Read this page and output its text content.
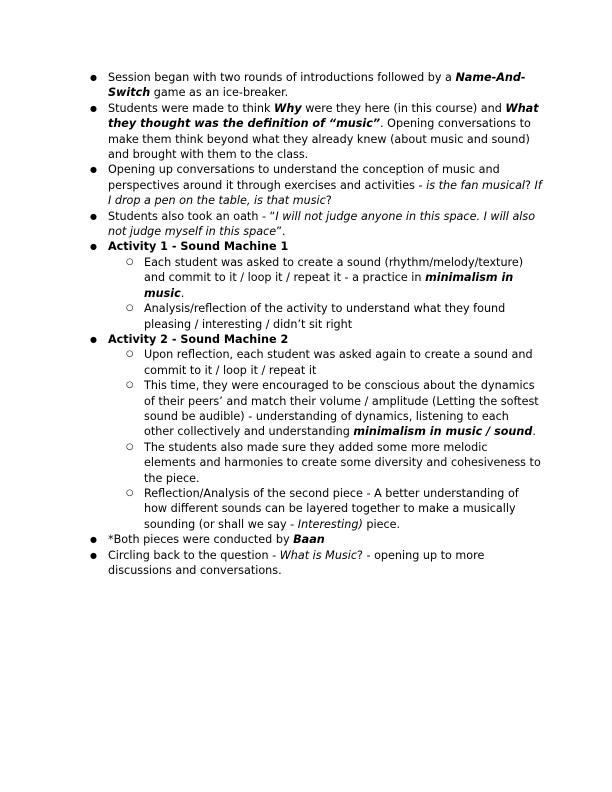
● Session began with two rounds of introductions followed by a Name-And-Switch game as an ice-breaker.
● Students were made to think Why were they here (in this course) and What they thought was the definition of “music”. Opening conversations to make them think beyond what they already knew (about music and sound) and brought with them to the class.
● Opening up conversations to understand the conception of music and perspectives around it through exercises and activities - is the fan musical? If I drop a pen on the table, is that music?
● Students also took an oath - “I will not judge anyone in this space. I will also not judge myself in this space”.
● Activity 1 - Sound Machine 1
○ Each student was asked to create a sound (rhythm/melody/texture) and commit to it / loop it / repeat it - a practice in minimalism in music.
○ Analysis/reflection of the activity to understand what they found pleasing / interesting / didn’t sit right
● Activity 2 - Sound Machine 2
○ Upon reflection, each student was asked again to create a sound and commit to it / loop it / repeat it
○ This time, they were encouraged to be conscious about the dynamics of their peers’ and match their volume / amplitude (Letting the softest sound be audible) - understanding of dynamics, listening to each other collectively and understanding minimalism in music / sound.
○ The students also made sure they added some more melodic elements and harmonies to create some diversity and cohesiveness to the piece.
○ Reflection/Analysis of the second piece - A better understanding of how different sounds can be layered together to make a musically sounding (or shall we say - Interesting) piece.
● *Both pieces were conducted by Baan
● Circling back to the question - What is Music? - opening up to more discussions and conversations.
